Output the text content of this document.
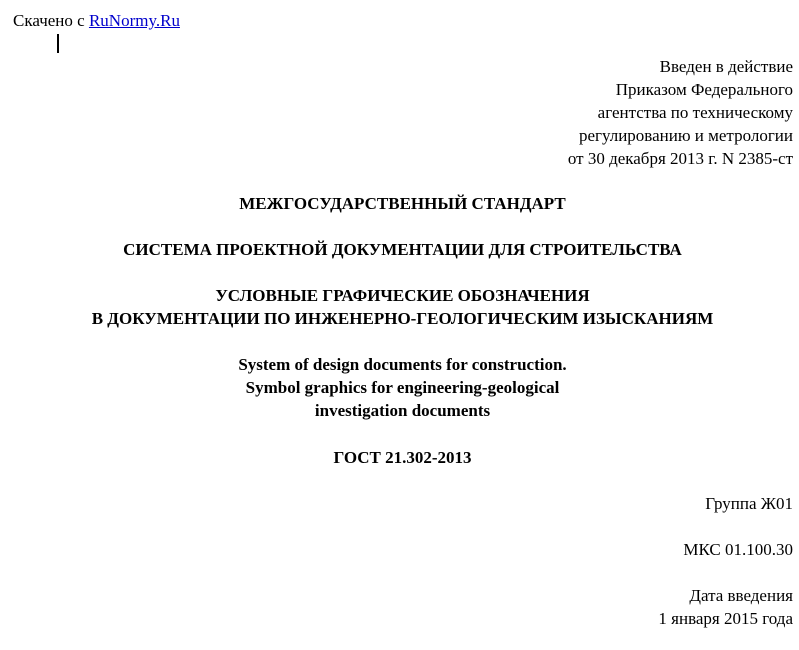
Скачено с RuNormy.Ru
Введен в действие
Приказом Федерального
агентства по техническому
регулированию и метрологии
от 30 декабря 2013 г. N 2385-ст
МЕЖГОСУДАРСТВЕННЫЙ СТАНДАРТ
СИСТЕМА ПРОЕКТНОЙ ДОКУМЕНТАЦИИ ДЛЯ СТРОИТЕЛЬСТВА
УСЛОВНЫЕ ГРАФИЧЕСКИЕ ОБОЗНАЧЕНИЯ
В ДОКУМЕНТАЦИИ ПО ИНЖЕНЕРНО-ГЕОЛОГИЧЕСКИМ ИЗЫСКАНИЯМ
System of design documents for construction.
Symbol graphics for engineering-geological
investigation documents
ГОСТ 21.302-2013
Группа Ж01
МКС 01.100.30
Дата введения
1 января 2015 года
